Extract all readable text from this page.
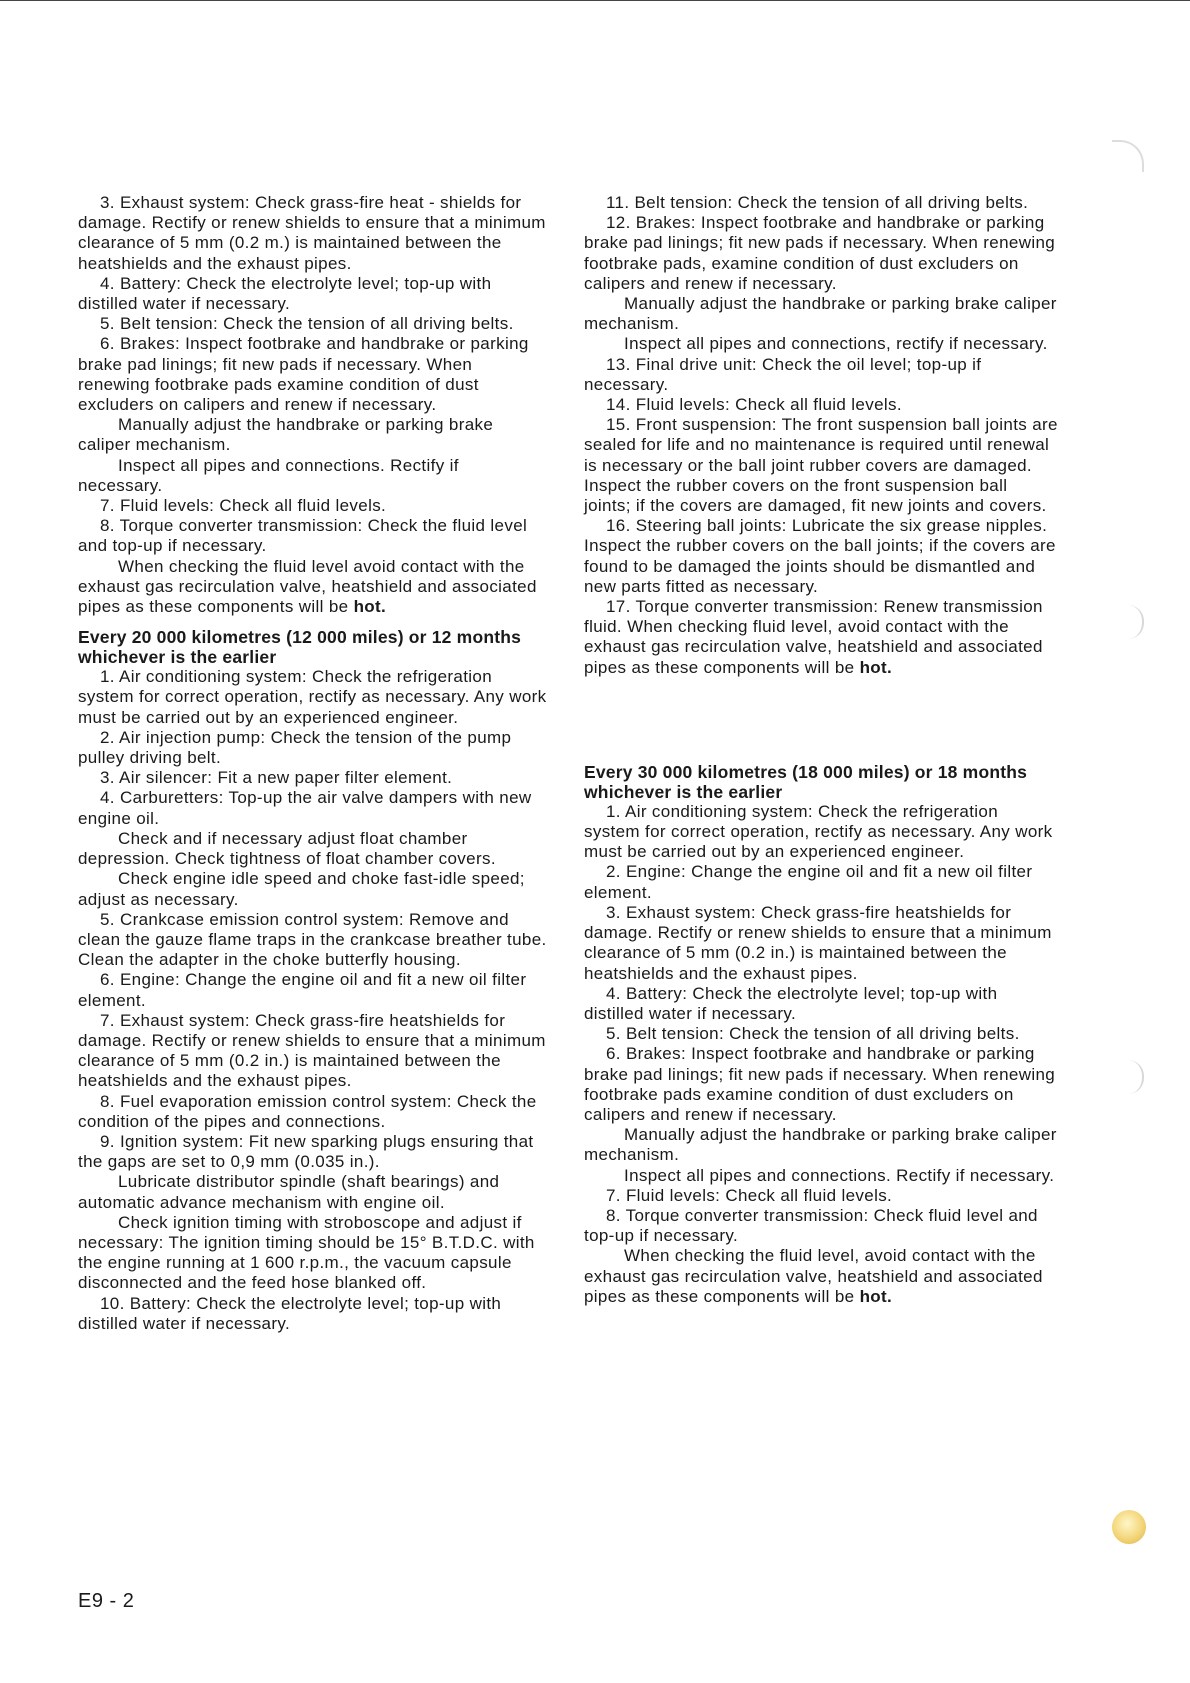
3. Exhaust system: Check grass-fire heat - shields for damage. Rectify or renew shields to ensure that a minimum clearance of 5 mm (0.2 m.) is maintained between the heatshields and the exhaust pipes.

4. Battery: Check the electrolyte level; top-up with distilled water if necessary.

5. Belt tension: Check the tension of all driving belts.

6. Brakes: Inspect footbrake and handbrake or parking brake pad linings; fit new pads if necessary. When renewing footbrake pads examine condition of dust excluders on calipers and renew if necessary.

Manually adjust the handbrake or parking brake caliper mechanism.

Inspect all pipes and connections. Rectify if necessary.

7. Fluid levels: Check all fluid levels.

8. Torque converter transmission: Check the fluid level and top-up if necessary.

When checking the fluid level avoid contact with the exhaust gas recirculation valve, heatshield and associated pipes as these components will be hot.

Every 20 000 kilometres (12 000 miles) or 12 months whichever is the earlier

1. Air conditioning system: Check the refrigeration system for correct operation, rectify as necessary. Any work must be carried out by an experienced engineer.

2. Air injection pump: Check the tension of the pump pulley driving belt.

3. Air silencer: Fit a new paper filter element.

4. Carburetters: Top-up the air valve dampers with new engine oil.

Check and if necessary adjust float chamber depression. Check tightness of float chamber covers.

Check engine idle speed and choke fast-idle speed; adjust as necessary.

5. Crankcase emission control system: Remove and clean the gauze flame traps in the crankcase breather tube. Clean the adapter in the choke butterfly housing.

6. Engine: Change the engine oil and fit a new oil filter element.

7. Exhaust system: Check grass-fire heatshields for damage. Rectify or renew shields to ensure that a minimum clearance of 5 mm (0.2 in.) is maintained between the heatshields and the exhaust pipes.

8. Fuel evaporation emission control system: Check the condition of the pipes and connections.

9. Ignition system: Fit new sparking plugs ensuring that the gaps are set to 0,9 mm (0.035 in.).

Lubricate distributor spindle (shaft bearings) and automatic advance mechanism with engine oil.

Check ignition timing with stroboscope and adjust if necessary: The ignition timing should be 15° B.T.D.C. with the engine running at 1 600 r.p.m., the vacuum capsule disconnected and the feed hose blanked off.

10. Battery: Check the electrolyte level; top-up with distilled water if necessary.

11. Belt tension: Check the tension of all driving belts.

12. Brakes: Inspect footbrake and handbrake or parking brake pad linings; fit new pads if necessary. When renewing footbrake pads, examine condition of dust excluders on calipers and renew if necessary.

Manually adjust the handbrake or parking brake caliper mechanism.

Inspect all pipes and connections, rectify if necessary.

13. Final drive unit: Check the oil level; top-up if necessary.

14. Fluid levels: Check all fluid levels.

15. Front suspension: The front suspension ball joints are sealed for life and no maintenance is required until renewal is necessary or the ball joint rubber covers are damaged. Inspect the rubber covers on the front suspension ball joints; if the covers are damaged, fit new joints and covers.

16. Steering ball joints: Lubricate the six grease nipples. Inspect the rubber covers on the ball joints; if the covers are found to be damaged the joints should be dismantled and new parts fitted as necessary.

17. Torque converter transmission: Renew transmission fluid. When checking fluid level, avoid contact with the exhaust gas recirculation valve, heatshield and associated pipes as these components will be hot.

Every 30 000 kilometres (18 000 miles) or 18 months whichever is the earlier

1. Air conditioning system: Check the refrigeration system for correct operation, rectify as necessary. Any work must be carried out by an experienced engineer.

2. Engine: Change the engine oil and fit a new oil filter element.

3. Exhaust system: Check grass-fire heatshields for damage. Rectify or renew shields to ensure that a minimum clearance of 5 mm (0.2 in.) is maintained between the heatshields and the exhaust pipes.

4. Battery: Check the electrolyte level; top-up with distilled water if necessary.

5. Belt tension: Check the tension of all driving belts.

6. Brakes: Inspect footbrake and handbrake or parking brake pad linings; fit new pads if necessary. When renewing footbrake pads examine condition of dust excluders on calipers and renew if necessary.

Manually adjust the handbrake or parking brake caliper mechanism.

Inspect all pipes and connections. Rectify if necessary.

7. Fluid levels: Check all fluid levels.

8. Torque converter transmission: Check fluid level and top-up if necessary.

When checking the fluid level, avoid contact with the exhaust gas recirculation valve, heatshield and associated pipes as these components will be hot.

E9 - 2
